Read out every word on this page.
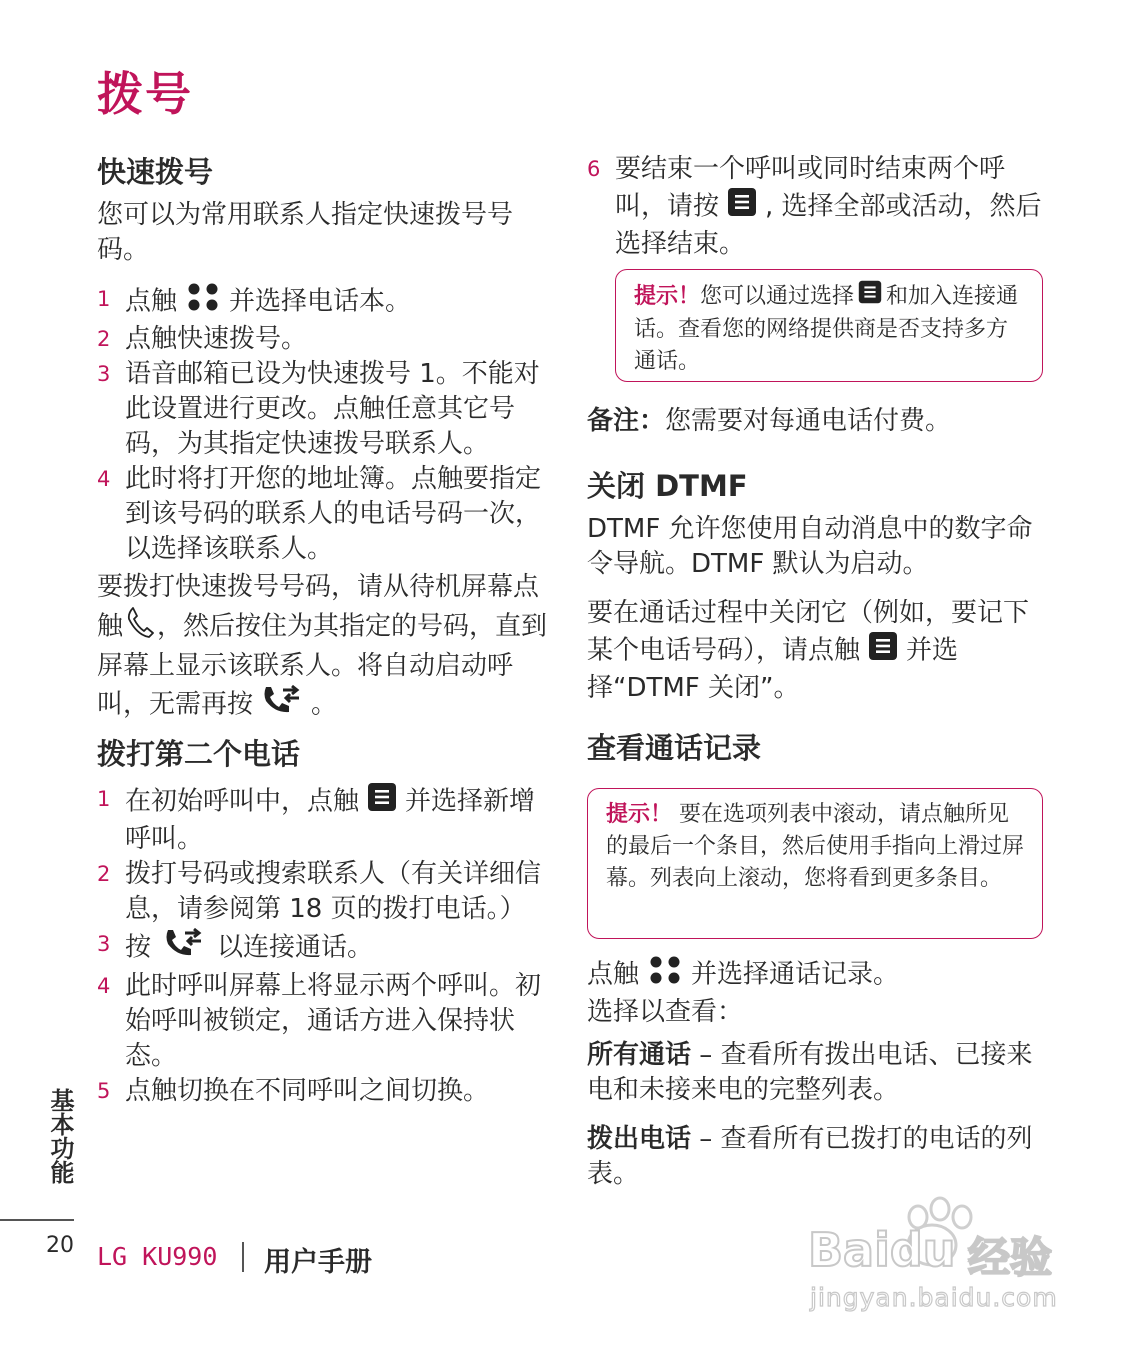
拨号
快速拨号

您可以为常用联系人指定快速拨号号码。

1 点触 并选择电话本。
2 点触快速拨号。
3 语音邮箱已设为快速拨号 1。不能对此设置进行更改。点触任意其它号码，为其指定快速拨号联系人。
4 此时将打开您的地址簿。点触要指定到该号码的联系人的电话号码一次，以选择该联系人。

要拨打快速拨号号码，请从待机屏幕点触 ，然后按住为其指定的号码，直到屏幕上显示该联系人。将自动启动呼叫，无需再按 。

拨打第二个电话
1 在初始呼叫中，点触 并选择新增呼叫。
2 拨打号码或搜索联系人（有关详细信息，请参阅第 18 页的拨打电话。）
3 按	以连接通话。
4 此时呼叫屏幕上将显示两个呼叫。初始呼叫被锁定，通话方进入保持状态。
5 点触切换在不同呼叫之间切换。
6 要结束一个呼叫或同时结束两个呼叫，请按 , 选择全部或活动，然后选择结束。
提示！您可以通过选择 和加入连接通话。查看您的网络提供商是否支持多方通话。

备注：您需要对每通电话付费。

关闭 DTMF

DTMF 允许您使用自动消息中的数字命令导航。DTMF 默认为启动。

要在通话过程中关闭它（例如，要记下某个电话号码），请点触 并选择“DTMF 关闭”。

查看通话记录
提示！ 要在选项列表中滚动，请点触所见的最后一个条目，然后使用手指向上滑过屏幕。列表向上滚动，您将看到更多条目。

点触 并选择通话记录。
选择以查看：

所有通话 – 查看所有拨出电话、已接来电和未接来电的完整列表。

拨出电话 – 查看所有已拨打的电话的列表。

基本功能
20 LG KU990 用户手册	Baidu 经验
jingyan.baidu.com
